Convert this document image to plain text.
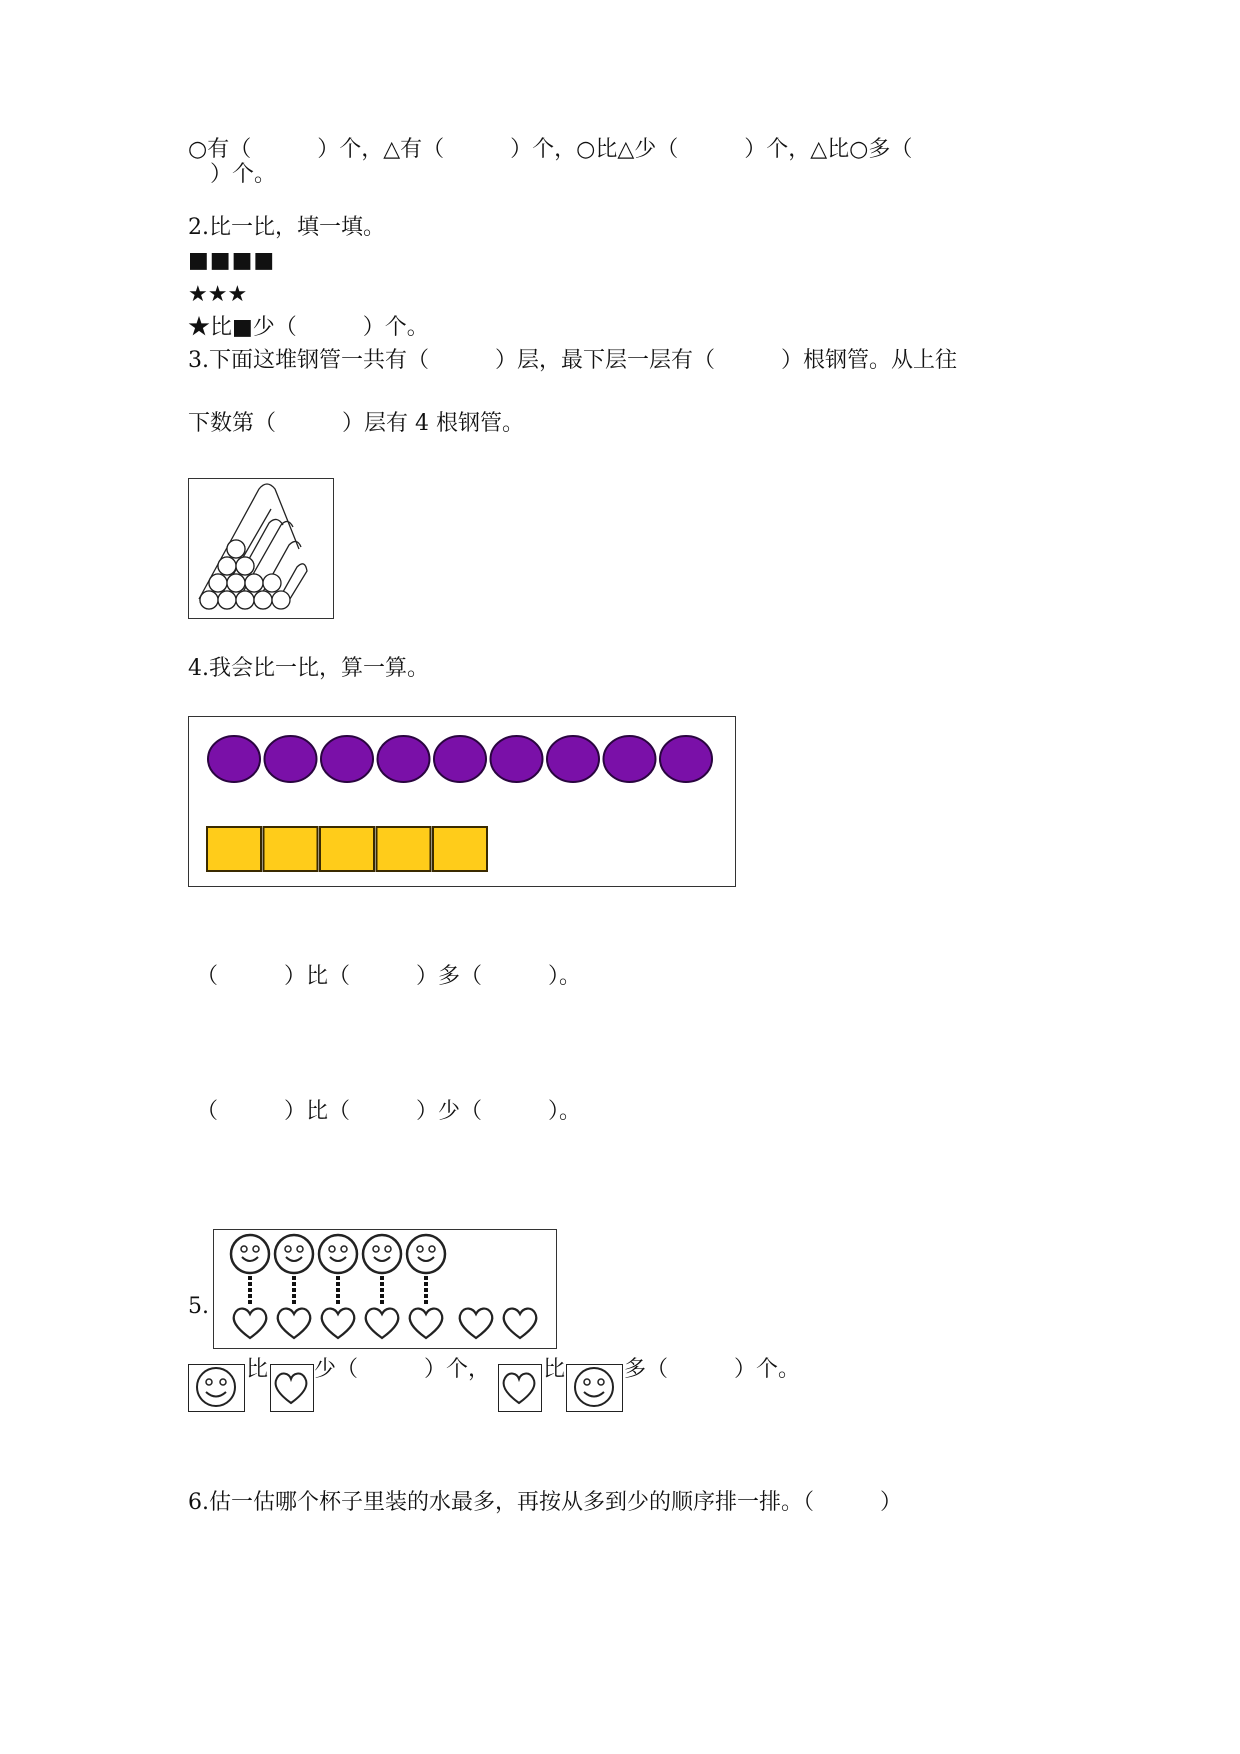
○有（　　　）个，△有（　　　）个，○比△少（　　　）个，△比○多（
　）个。
2.比一比，填一填。
■■■■
★★★
★比■少（　　　）个。
3.下面这堆钢管一共有（　　　）层，最下层一层有（　　　）根钢管。从上往
下数第（　　　）层有 4 根钢管。
4.我会比一比，算一算。
（　　　）比（　　　）多（　　　）。
（　　　）比（　　　）少（　　　）。
5.
比 少（　　　）个， 比	多（　　　）个。
6.估一估哪个杯子里装的水最多，再按从多到少的顺序排一排。（　　　）
